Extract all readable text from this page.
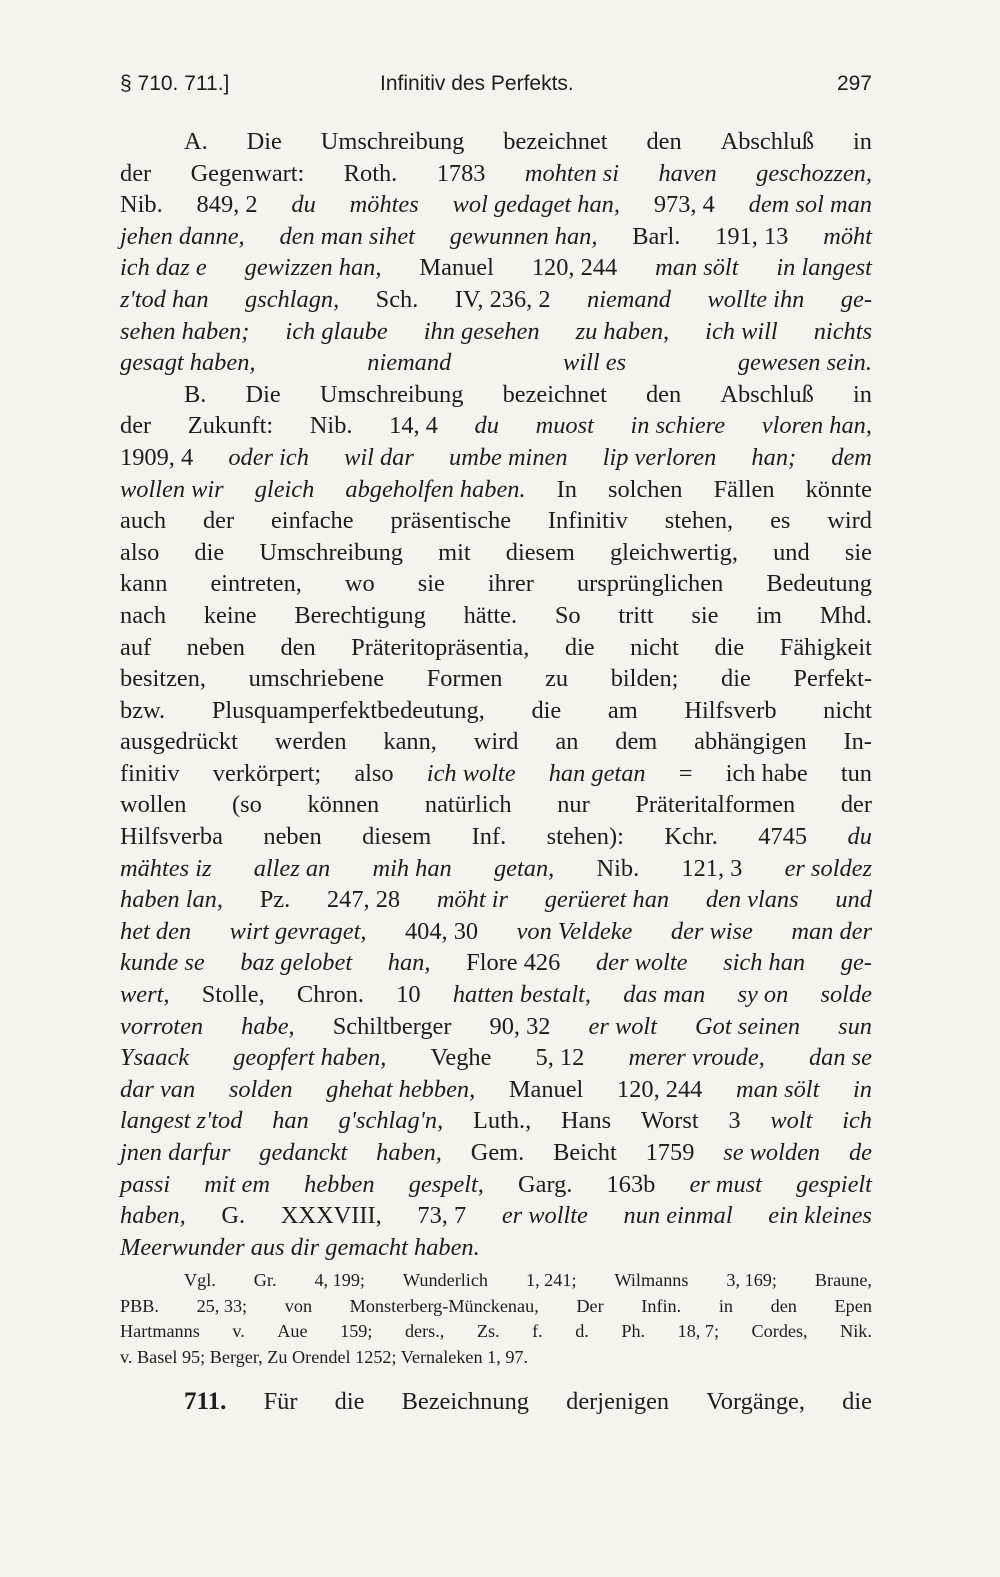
§ 710. 711.]	Infinitiv des Perfekts.	297
A. Die Umschreibung bezeichnet den Abschluß in
der Gegenwart: Roth. 1783 mohten si haven geschozzen,
Nib. 849, 2 du möhtes wol gedaget han, 973, 4 dem sol man
jehen danne, den man sihet gewunnen han, Barl. 191, 13 möht
ich daz e gewizzen han, Manuel 120, 244 man sölt in langest
z'tod han gschlagn, Sch. IV, 236, 2 niemand wollte ihn ge-
sehen haben; ich glaube ihn gesehen zu haben, ich will nichts
gesagt haben,	niemand	will es	gewesen sein.
B. Die Umschreibung bezeichnet den Abschluß in
der Zukunft: Nib. 14, 4 du muost in schiere vloren han,
1909, 4 oder ich wil dar umbe minen lip verloren han; dem
wollen wir gleich abgeholfen haben. In solchen Fällen könnte
auch der einfache präsentische Infinitiv stehen, es wird
also die Umschreibung mit diesem gleichwertig, und sie
kann eintreten, wo sie ihrer ursprünglichen Bedeutung
nach keine Berechtigung hätte. So tritt sie im Mhd.
auf neben den Präteritopräsentia, die nicht die Fähigkeit
besitzen, umschriebene Formen zu bilden; die Perfekt-
bzw. Plusquamperfektbedeutung, die am Hilfsverb nicht
ausgedrückt werden kann, wird an dem abhängigen In-
finitiv verkörpert; also ich wolte han getan = ich habe tun
wollen (so können natürlich nur Präteritalformen der
Hilfsverba neben diesem Inf. stehen): Kchr. 4745 du
mähtes iz allez an mih han getan, Nib. 121, 3 er soldez
haben lan, Pz. 247, 28 möht ir gerüeret han den vlans und
het den wirt gevraget, 404, 30 von Veldeke der wise man der
kunde se baz gelobet han, Flore 426 der wolte sich han ge-
wert, Stolle, Chron. 10 hatten bestalt, das man sy on solde
vorroten habe, Schiltberger 90, 32 er wolt Got seinen sun
Ysaack geopfert haben, Veghe 5, 12 merer vroude, dan se
dar van solden ghehat hebben, Manuel 120, 244 man sölt in
langest z'tod han g'schlag'n, Luth., Hans Worst 3 wolt ich
jnen darfur gedanckt haben, Gem. Beicht 1759 se wolden de
passi mit em hebben gespelt, Garg. 163b er must gespielt
haben, G. XXXVIII, 73, 7 er wollte nun einmal ein kleines
Meerwunder aus dir gemacht haben.
Vgl. Gr. 4, 199; Wunderlich 1, 241; Wilmanns 3, 169; Braune,
PBB. 25, 33; von Monsterberg-Münckenau, Der Infin. in den Epen
Hartmanns v. Aue 159; ders., Zs. f. d. Ph. 18, 7; Cordes, Nik.
v. Basel 95; Berger, Zu Orendel 1252; Vernaleken 1, 97.
711. Für die Bezeichnung derjenigen Vorgänge, die
